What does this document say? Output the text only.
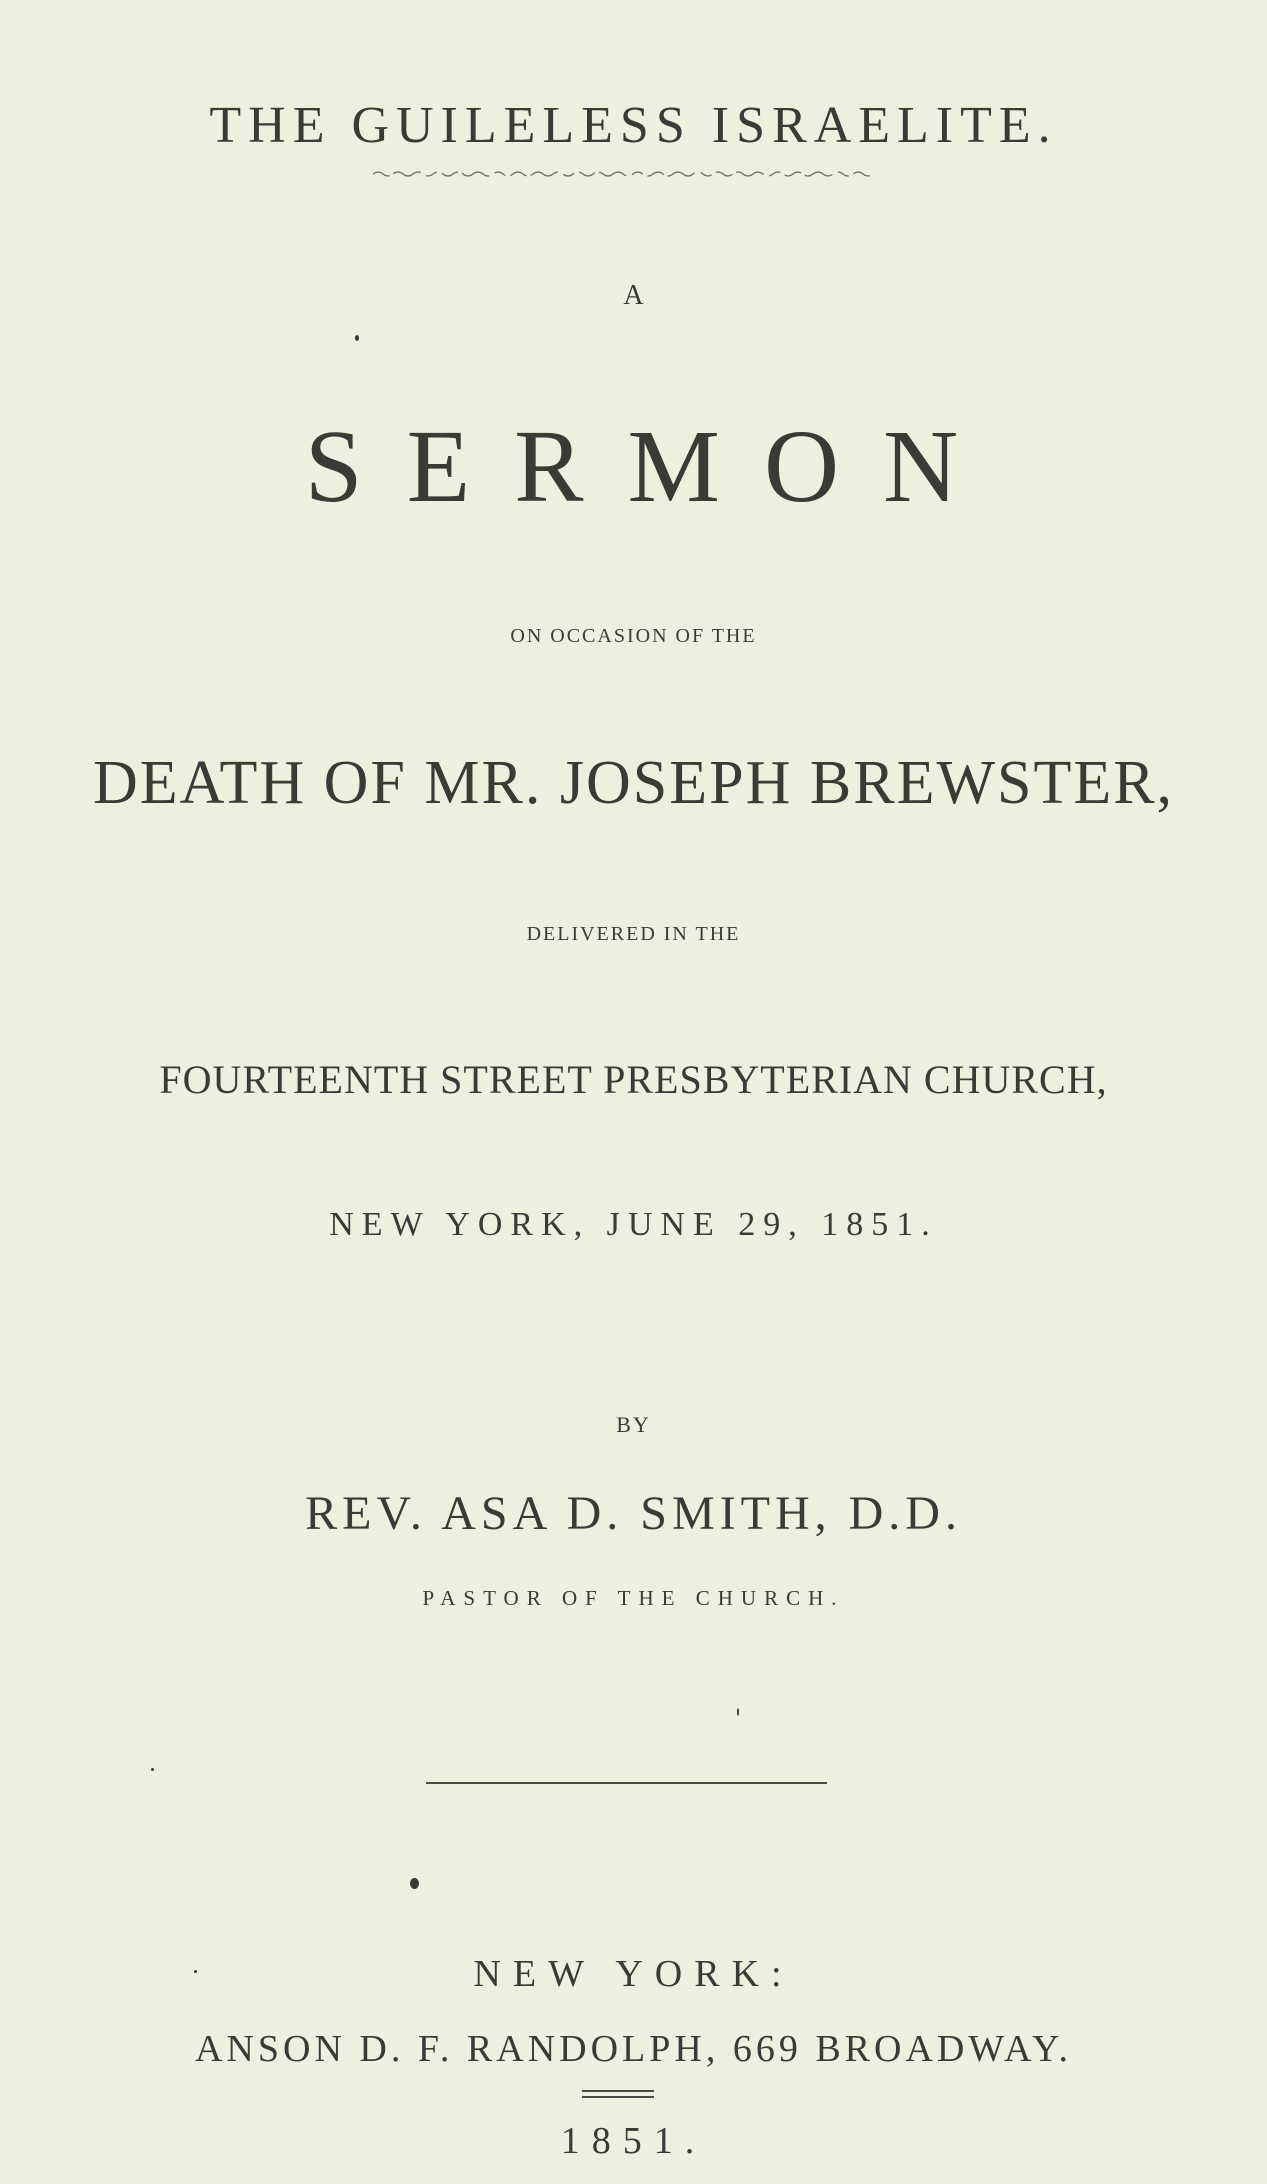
THE GUILELESS ISRAELITE.
A
SERMON
ON OCCASION OF THE
DEATH OF MR. JOSEPH BREWSTER,
DELIVERED IN THE
FOURTEENTH STREET PRESBYTERIAN CHURCH,
NEW YORK, JUNE 29, 1851.
BY
REV. ASA D. SMITH, D.D.
PASTOR OF THE CHURCH.
NEW YORK:
ANSON D. F. RANDOLPH, 669 BROADWAY.
1851.
